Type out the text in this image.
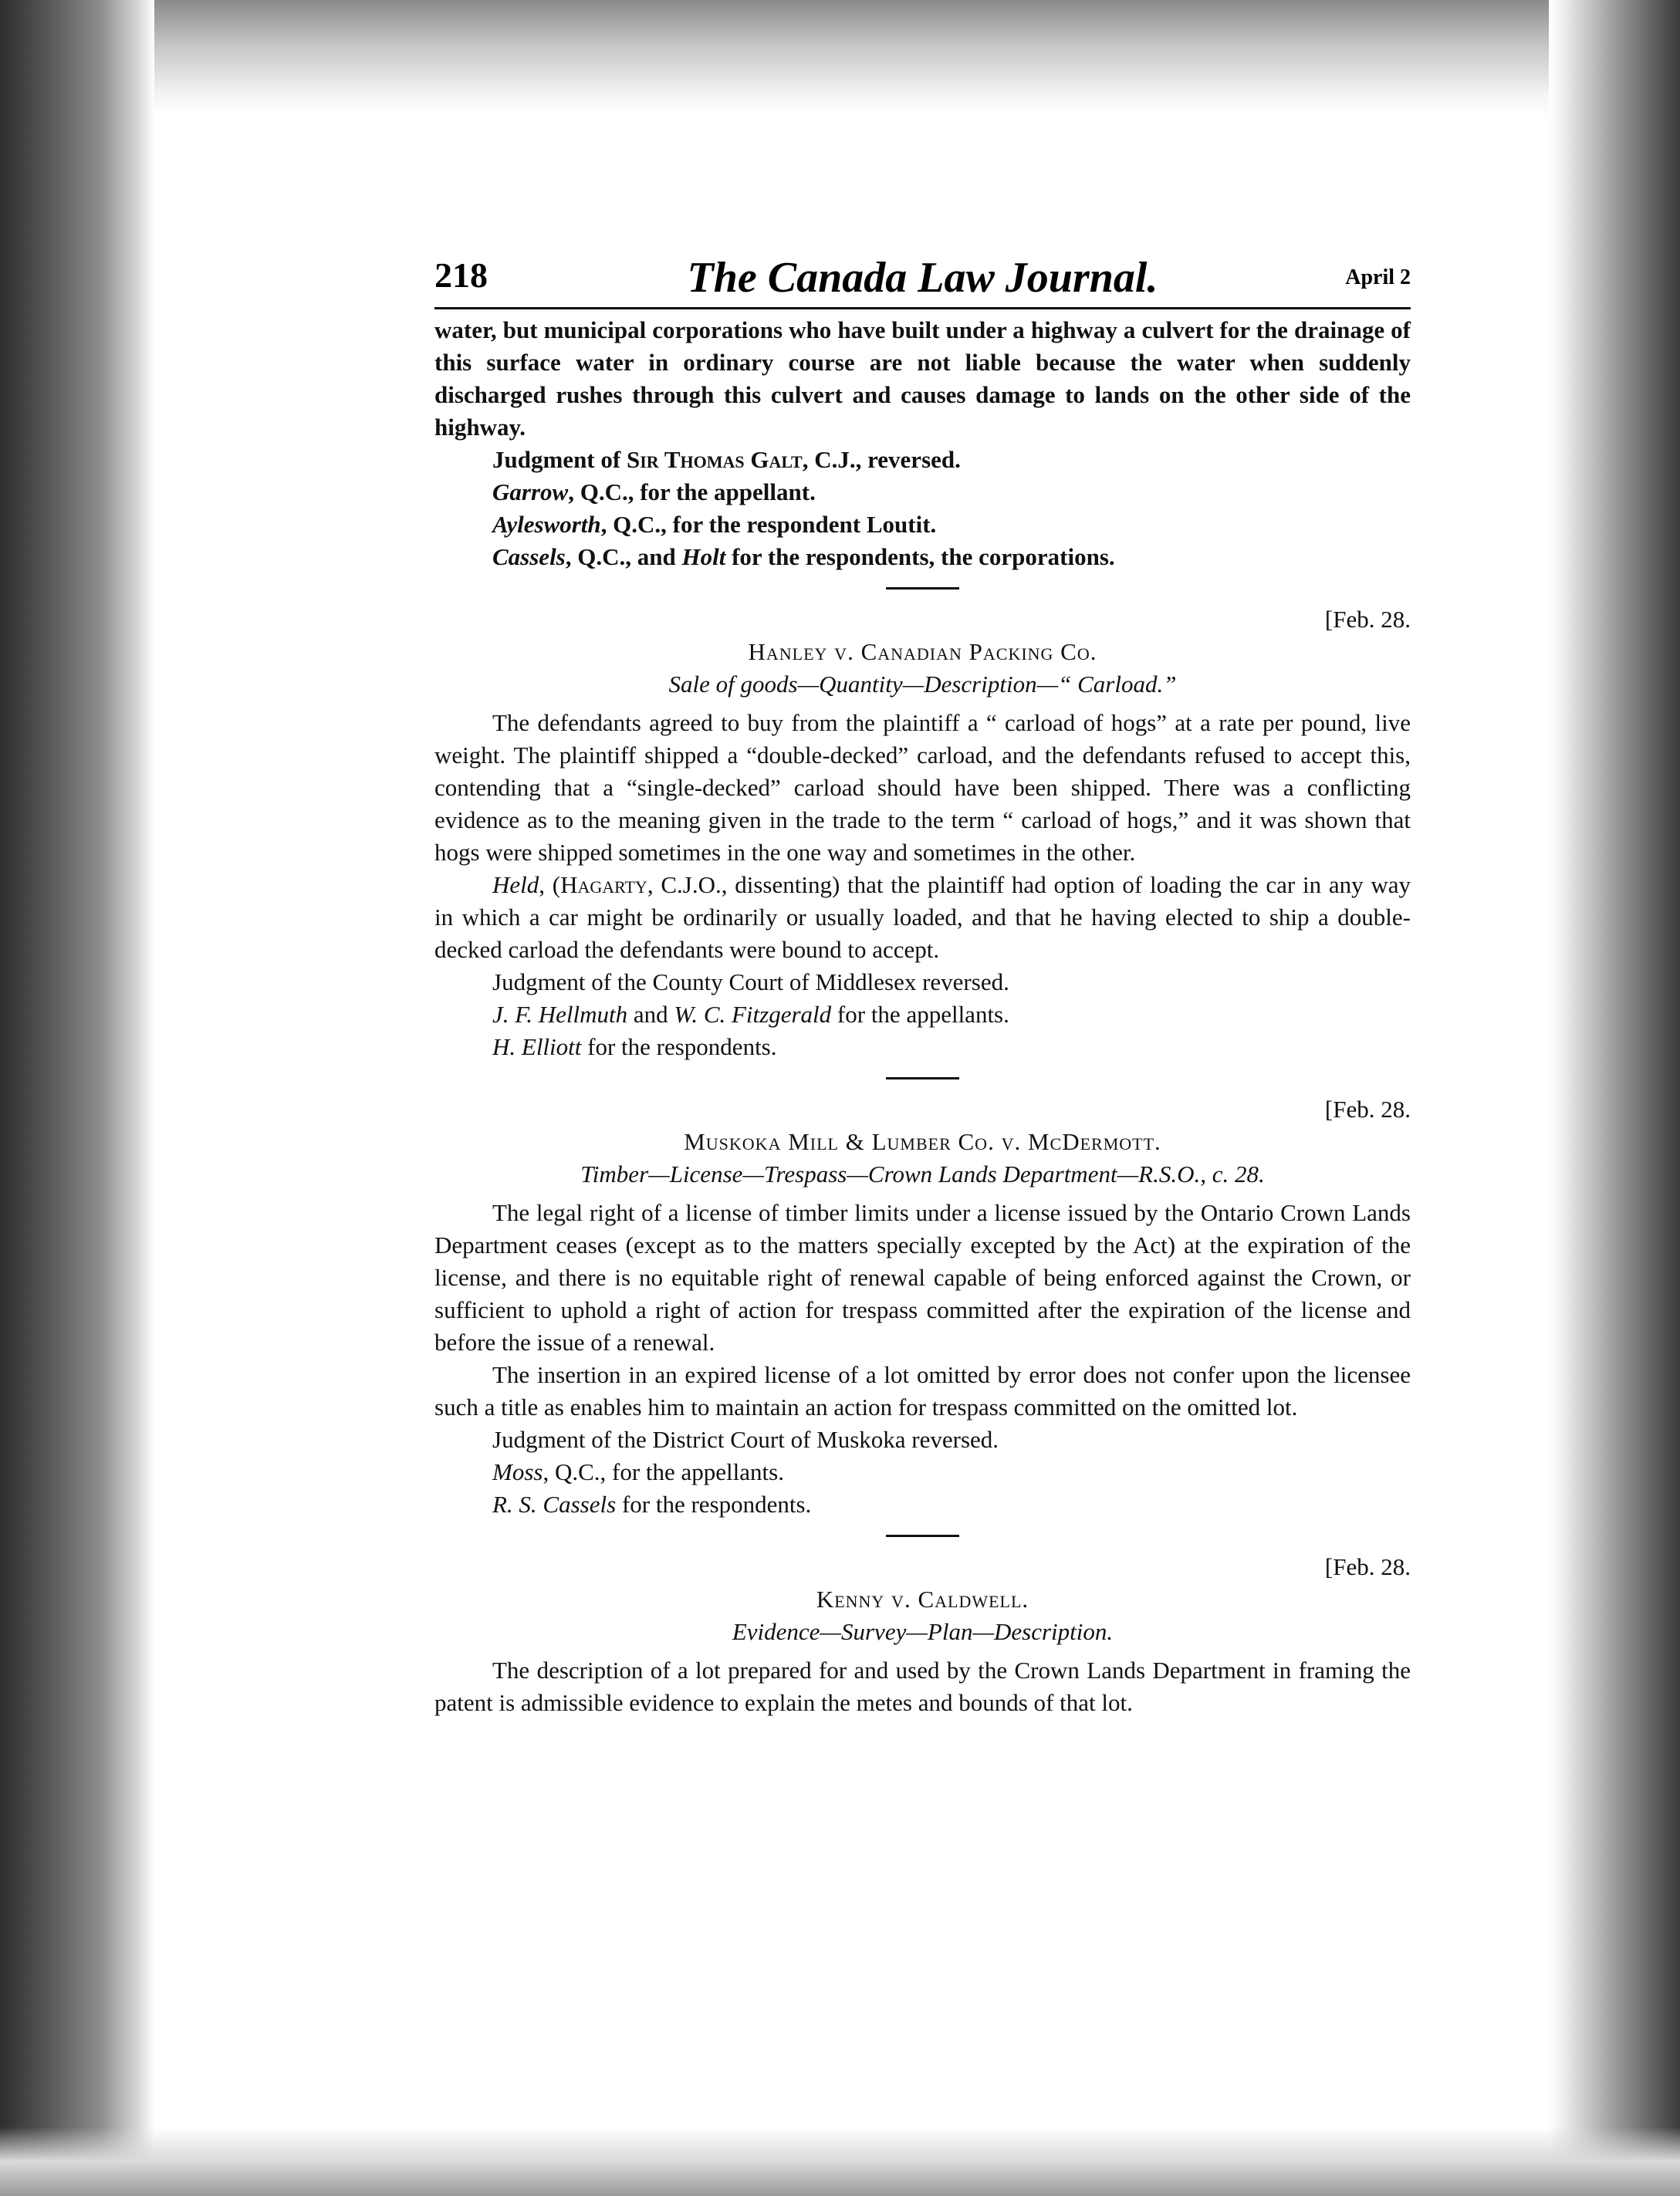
218	The Canada Law Journal.	April 2

water, but municipal corporations who have built under a highway a culvert for the drainage of this surface water in ordinary course are not liable because the water when suddenly discharged rushes through this culvert and causes damage to lands on the other side of the highway.

Judgment of Sir Thomas Galt, C.J., reversed.

Garrow, Q.C., for the appellant.

Aylesworth, Q.C., for the respondent Loutit.

Cassels, Q.C., and Holt for the respondents, the corporations.

[Feb. 28.

Hanley v. Canadian Packing Co.

Sale of goods—Quantity—Description—“ Carload.”

The defendants agreed to buy from the plaintiff a “ carload of hogs” at a rate per pound, live weight. The plaintiff shipped a “double-decked” carload, and the defendants refused to accept this, contending that a “single-decked” carload should have been shipped. There was a conflicting evidence as to the meaning given in the trade to the term “ carload of hogs,” and it was shown that hogs were shipped sometimes in the one way and sometimes in the other.

Held, (Hagarty, C.J.O., dissenting) that the plaintiff had option of loading the car in any way in which a car might be ordinarily or usually loaded, and that he having elected to ship a double-decked carload the defendants were bound to accept.

Judgment of the County Court of Middlesex reversed.

J. F. Hellmuth and W. C. Fitzgerald for the appellants.

H. Elliott for the respondents.

[Feb. 28.

Muskoka Mill & Lumber Co. v. McDermott.

Timber—License—Trespass—Crown Lands Department—R.S.O., c. 28.

The legal right of a license of timber limits under a license issued by the Ontario Crown Lands Department ceases (except as to the matters specially excepted by the Act) at the expiration of the license, and there is no equitable right of renewal capable of being enforced against the Crown, or sufficient to uphold a right of action for trespass committed after the expiration of the license and before the issue of a renewal.

The insertion in an expired license of a lot omitted by error does not confer upon the licensee such a title as enables him to maintain an action for trespass committed on the omitted lot.

Judgment of the District Court of Muskoka reversed.

Moss, Q.C., for the appellants.

R. S. Cassels for the respondents.

[Feb. 28.

Kenny v. Caldwell.

Evidence—Survey—Plan—Description.

The description of a lot prepared for and used by the Crown Lands Department in framing the patent is admissible evidence to explain the metes and bounds of that lot.
